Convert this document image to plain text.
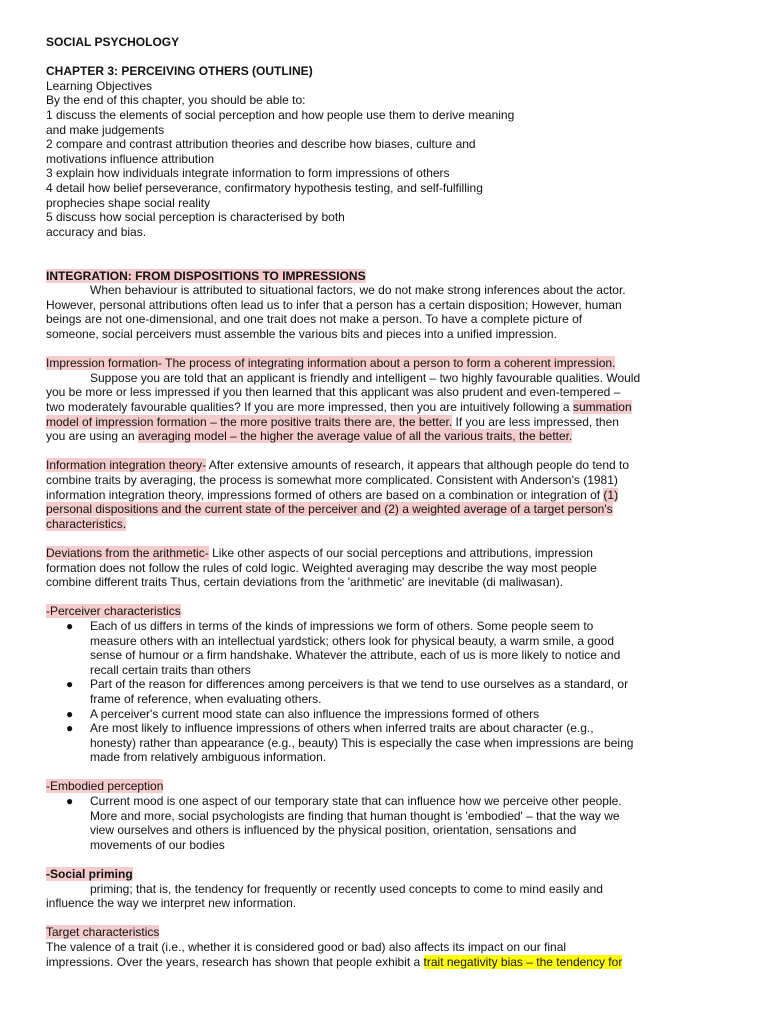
SOCIAL PSYCHOLOGY
CHAPTER 3: PERCEIVING OTHERS (OUTLINE)
Learning Objectives
By the end of this chapter, you should be able to:
1 discuss the elements of social perception and how people use them to derive meaning
and make judgements
2 compare and contrast attribution theories and describe how biases, culture and
motivations influence attribution
3 explain how individuals integrate information to form impressions of others
4 detail how belief perseverance, confirmatory hypothesis testing, and self-fulfilling
prophecies shape social reality
5 discuss how social perception is characterised by both
accuracy and bias.
INTEGRATION: FROM DISPOSITIONS TO IMPRESSIONS
When behaviour is attributed to situational factors, we do not make strong inferences about the actor.
However, personal attributions often lead us to infer that a person has a certain disposition; However, human
beings are not one-dimensional, and one trait does not make a person. To have a complete picture of
someone, social perceivers must assemble the various bits and pieces into a unified impression.
Impression formation- The process of integrating information about a person to form a coherent impression.
Suppose you are told that an applicant is friendly and intelligent – two highly favourable qualities. Would
you be more or less impressed if you then learned that this applicant was also prudent and even-tempered –
two moderately favourable qualities? If you are more impressed, then you are intuitively following a summation
model of impression formation – the more positive traits there are, the better. If you are less impressed, then
you are using an averaging model – the higher the average value of all the various traits, the better.
Information integration theory- After extensive amounts of research, it appears that although people do tend to
combine traits by averaging, the process is somewhat more complicated. Consistent with Anderson's (1981)
information integration theory, impressions formed of others are based on a combination or integration of (1)
personal dispositions and the current state of the perceiver and (2) a weighted average of a target person's
characteristics.
Deviations from the arithmetic- Like other aspects of our social perceptions and attributions, impression
formation does not follow the rules of cold logic. Weighted averaging may describe the way most people
combine different traits Thus, certain deviations from the 'arithmetic' are inevitable (di maliwasan).
-Perceiver characteristics
● Each of us differs in terms of the kinds of impressions we form of others. Some people seem to
measure others with an intellectual yardstick; others look for physical beauty, a warm smile, a good
sense of humour or a firm handshake. Whatever the attribute, each of us is more likely to notice and
recall certain traits than others
● Part of the reason for differences among perceivers is that we tend to use ourselves as a standard, or
frame of reference, when evaluating others.
● A perceiver's current mood state can also influence the impressions formed of others
● Are most likely to influence impressions of others when inferred traits are about character (e.g.,
honesty) rather than appearance (e.g., beauty) This is especially the case when impressions are being
made from relatively ambiguous information.
-Embodied perception
● Current mood is one aspect of our temporary state that can influence how we perceive other people.
More and more, social psychologists are finding that human thought is 'embodied' – that the way we
view ourselves and others is influenced by the physical position, orientation, sensations and
movements of our bodies
-Social priming
priming; that is, the tendency for frequently or recently used concepts to come to mind easily and
influence the way we interpret new information.
Target characteristics
The valence of a trait (i.e., whether it is considered good or bad) also affects its impact on our final
impressions. Over the years, research has shown that people exhibit a trait negativity bias – the tendency for
